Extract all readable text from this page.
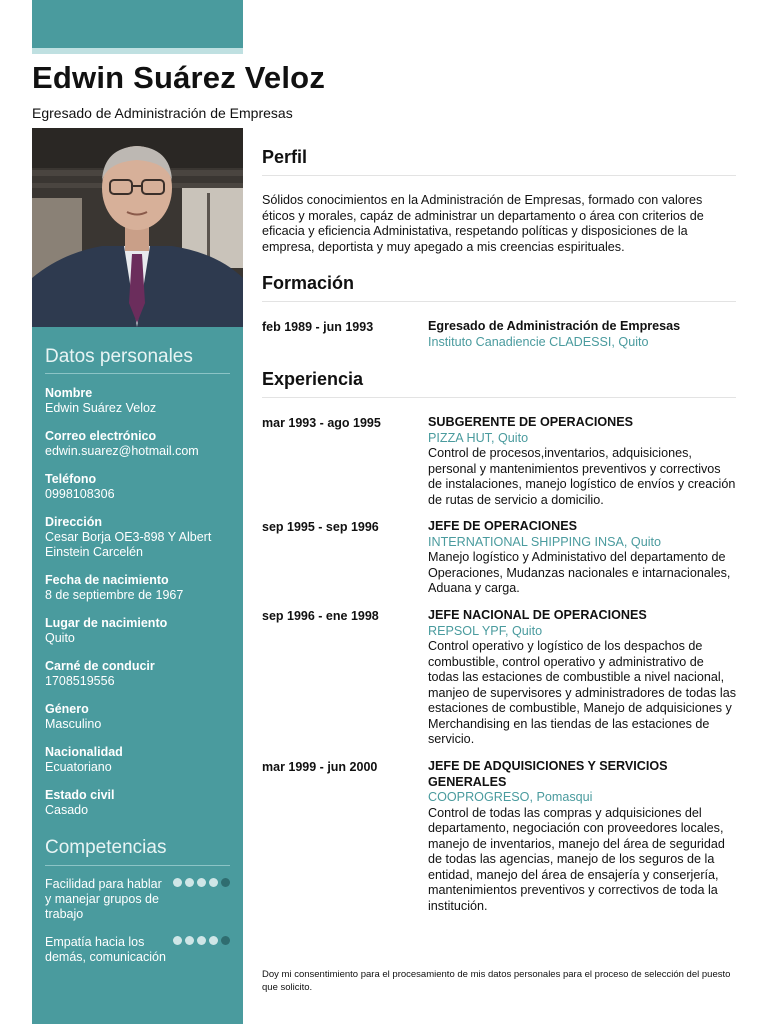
Edwin Suárez Veloz
Egresado de Administración de Empresas
Datos personales
Nombre
Edwin Suárez Veloz
Correo electrónico
edwin.suarez@hotmail.com
Teléfono
0998108306
Dirección
Cesar Borja OE3-898 Y Albert Einstein Carcelén
Fecha de nacimiento
8 de septiembre de 1967
Lugar de nacimiento
Quito
Carné de conducir
1708519556
Género
Masculino
Nacionalidad
Ecuatoriano
Estado civil
Casado
Competencias
Facilidad para hablar y manejar grupos de trabajo
Empatía hacia los demás, comunicación
Perfil
Sólidos conocimientos en la Administración de Empresas, formado con valores éticos y morales, capáz de administrar un departamento o área con criterios de eficacia y eficiencia Administativa, respetando políticas y disposiciones de la empresa, deportista y muy apegado a mis creencias espirituales.
Formación
feb 1989 - jun 1993	Egresado de Administración de Empresas
Instituto Canadiencie CLADESSI, Quito
Experiencia
mar 1993 - ago 1995	SUBGERENTE DE OPERACIONES
PIZZA HUT, Quito
Control de procesos,inventarios, adquisiciones, personal y mantenimientos preventivos y correctivos de instalaciones, manejo logístico de envíos y creación de rutas de servicio a domicilio.
sep 1995 - sep 1996	JEFE DE OPERACIONES
INTERNATIONAL SHIPPING INSA, Quito
Manejo logístico y Administativo del departamento de Operaciones, Mudanzas nacionales e intarnacionales, Aduana y carga.
sep 1996 - ene 1998	JEFE NACIONAL DE OPERACIONES
REPSOL YPF, Quito
Control operativo y logístico de los despachos de combustible, control operativo y administrativo de todas las estaciones de combustible a nivel nacional, manjeo de supervisores y administradores de todas las estaciones de combustible, Manejo de adquisiciones y Merchandising en las tiendas de las estaciones de servicio.
mar 1999 - jun 2000	JEFE DE ADQUISICIONES Y SERVICIOS GENERALES
COOPROGRESO, Pomasqui
Control de todas las compras y adquisiciones del departamento, negociación con proveedores locales, manejo de inventarios, manejo del área de seguridad de todas las agencias, manejo de los seguros de la entidad, manejo del área de ensajería y conserjería, mantenimientos preventivos y correctivos de toda la institución.
Doy mi consentimiento para el procesamiento de mis datos personales para el proceso de selección del puesto que solicito.
